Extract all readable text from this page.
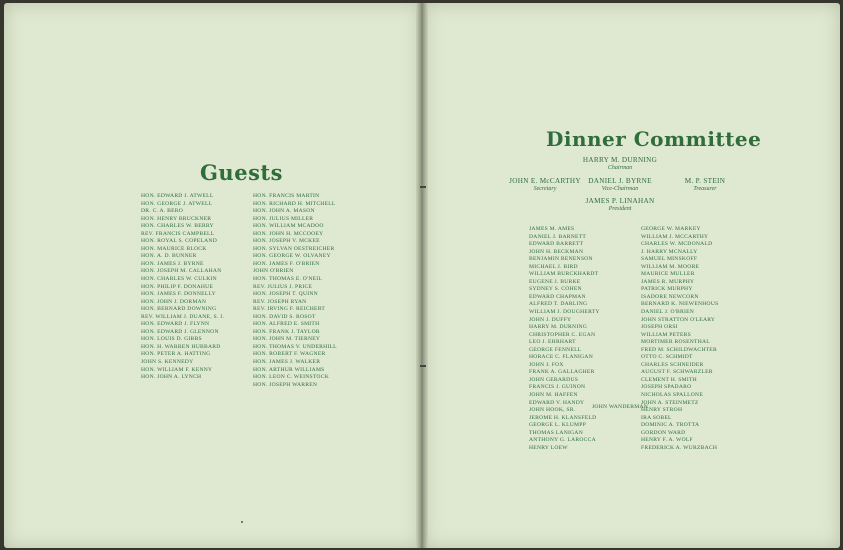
Guests
HON. EDWARD J. ATWELL
HON. GEORGE J. ATWELL
DR. C. A. BERO
HON. HENRY BRUCKNER
HON. CHARLES W. BERRY
REV. FRANCIS CAMPBELL
HON. ROYAL S. COPELAND
HON. MAURICE BLOCK
HON. A. D. BUNNER
HON. JAMES J. BYRNE
HON. JOSEPH M. CALLAHAN
HON. CHARLES W. CULKIN
HON. PHILIP F. DONAHUE
HON. JAMES F. DONNELLY
HON. JOHN J. DORMAN
HON. BERNARD DOWNING
REV. WILLIAM J. DUANE, S. J.
HON. EDWARD J. FLYNN
HON. EDWARD J. GLENNON
HON. LOUIS D. GIBBS
HON. H. WARREN HUBBARD
HON. PETER A. HATTING
JOHN S. KENNEDY
HON. WILLIAM F. KENNY
HON. JOHN A. LYNCH
HON. FRANCIS MARTIN
HON. RICHARD H. MITCHELL
HON. JOHN A. MASON
HON. JULIUS MILLER
HON. WILLIAM MCADOO
HON. JOHN H. MCCOOEY
HON. JOSEPH V. MCKEE
HON. SYLVAN OESTREICHER
HON. GEORGE W. OLVANEY
HON. JAMES F. O'BRIEN
JOHN O'BRIEN
HON. THOMAS E. O'NEIL
REV. JULIUS J. PRICE
HON. JOSEPH T. QUINN
REV. JOSEPH RYAN
REV. IRVING F. REICHERT
HON. DAVID S. ROSOT
HON. ALFRED E. SMITH
HON. FRANK J. TAYLOR
HON. JOHN M. TIERNEY
HON. THOMAS V. UNDERHILL
HON. ROBERT F. WAGNER
HON. JAMES J. WALKER
HON. ARTHUR WILLIAMS
HON. LEON C. WEINSTOCK
HON. JOSEPH WARREN
Dinner Committee
HARRY M. DURNING
Chairman
JOHN E. McCARTHY
Secretary
DANIEL J. BYRNE
Vice-Chairman
M. P. STEIN
Treasurer
JAMES P. LINAHAN
President
JAMES M. AMES
DANIEL J. BARNETT
EDWARD BARRETT
JOHN H. BECKMAN
BENJAMIN BENENSON
MICHAEL J. BIRD
WILLIAM BURCKHARDT
EUGENE J. BURKE
SYDNEY S. COHEN
EDWARD CHAPMAN
ALFRED T. DARLING
WILLIAM J. DOUGHERTY
JOHN J. DUFFY
HARRY M. DURNING
CHRISTOPHER C. EGAN
LEO J. EHRHART
GEORGE FENNELL
HORACE C. FLANIGAN
JOHN J. FOX
FRANK A. GALLAGHER
JOHN GERARDUS
FRANCIS J. GUINON
JOHN M. HAFFEN
EDWARD V. HANDY
JOHN HOOK, SR.
JEROME H. KLANSFELD
GEORGE L. KLUMPP
THOMAS LANIGAN
ANTHONY G. LAROCCA
HENRY LOEW
GEORGE W. MARKEY
WILLIAM J. MCCARTHY
CHARLES W. MCDONALD
J. HARRY MCNALLY
SAMUEL MINSKOFF
WILLIAM M. MOORE
MAURICE MULLER
JAMES R. MURPHY
PATRICK MURPHY
ISADORE NEWCORN
BERNARD K. NIEWENHOUS
DANIEL J. O'BRIEN
JOHN STRATTON O'LEARY
JOSEPH ORSI
WILLIAM PETERS
MORTIMER ROSENTHAL
FRED M. SCHILDWACHTER
OTTO C. SCHMIDT
CHARLES SCHNEIDER
AUGUST F. SCHWARZLER
CLEMENT H. SMITH
JOSEPH SPADARO
NICHOLAS SPALLONE
JOHN A. STEINMETZ
HENRY STROH
IRA SOBEL
DOMINIC A. TROTTA
GORDON WARD
HENRY F. A. WOLF
FREDERICK A. WURZBACH
JOHN WANDERMAN
